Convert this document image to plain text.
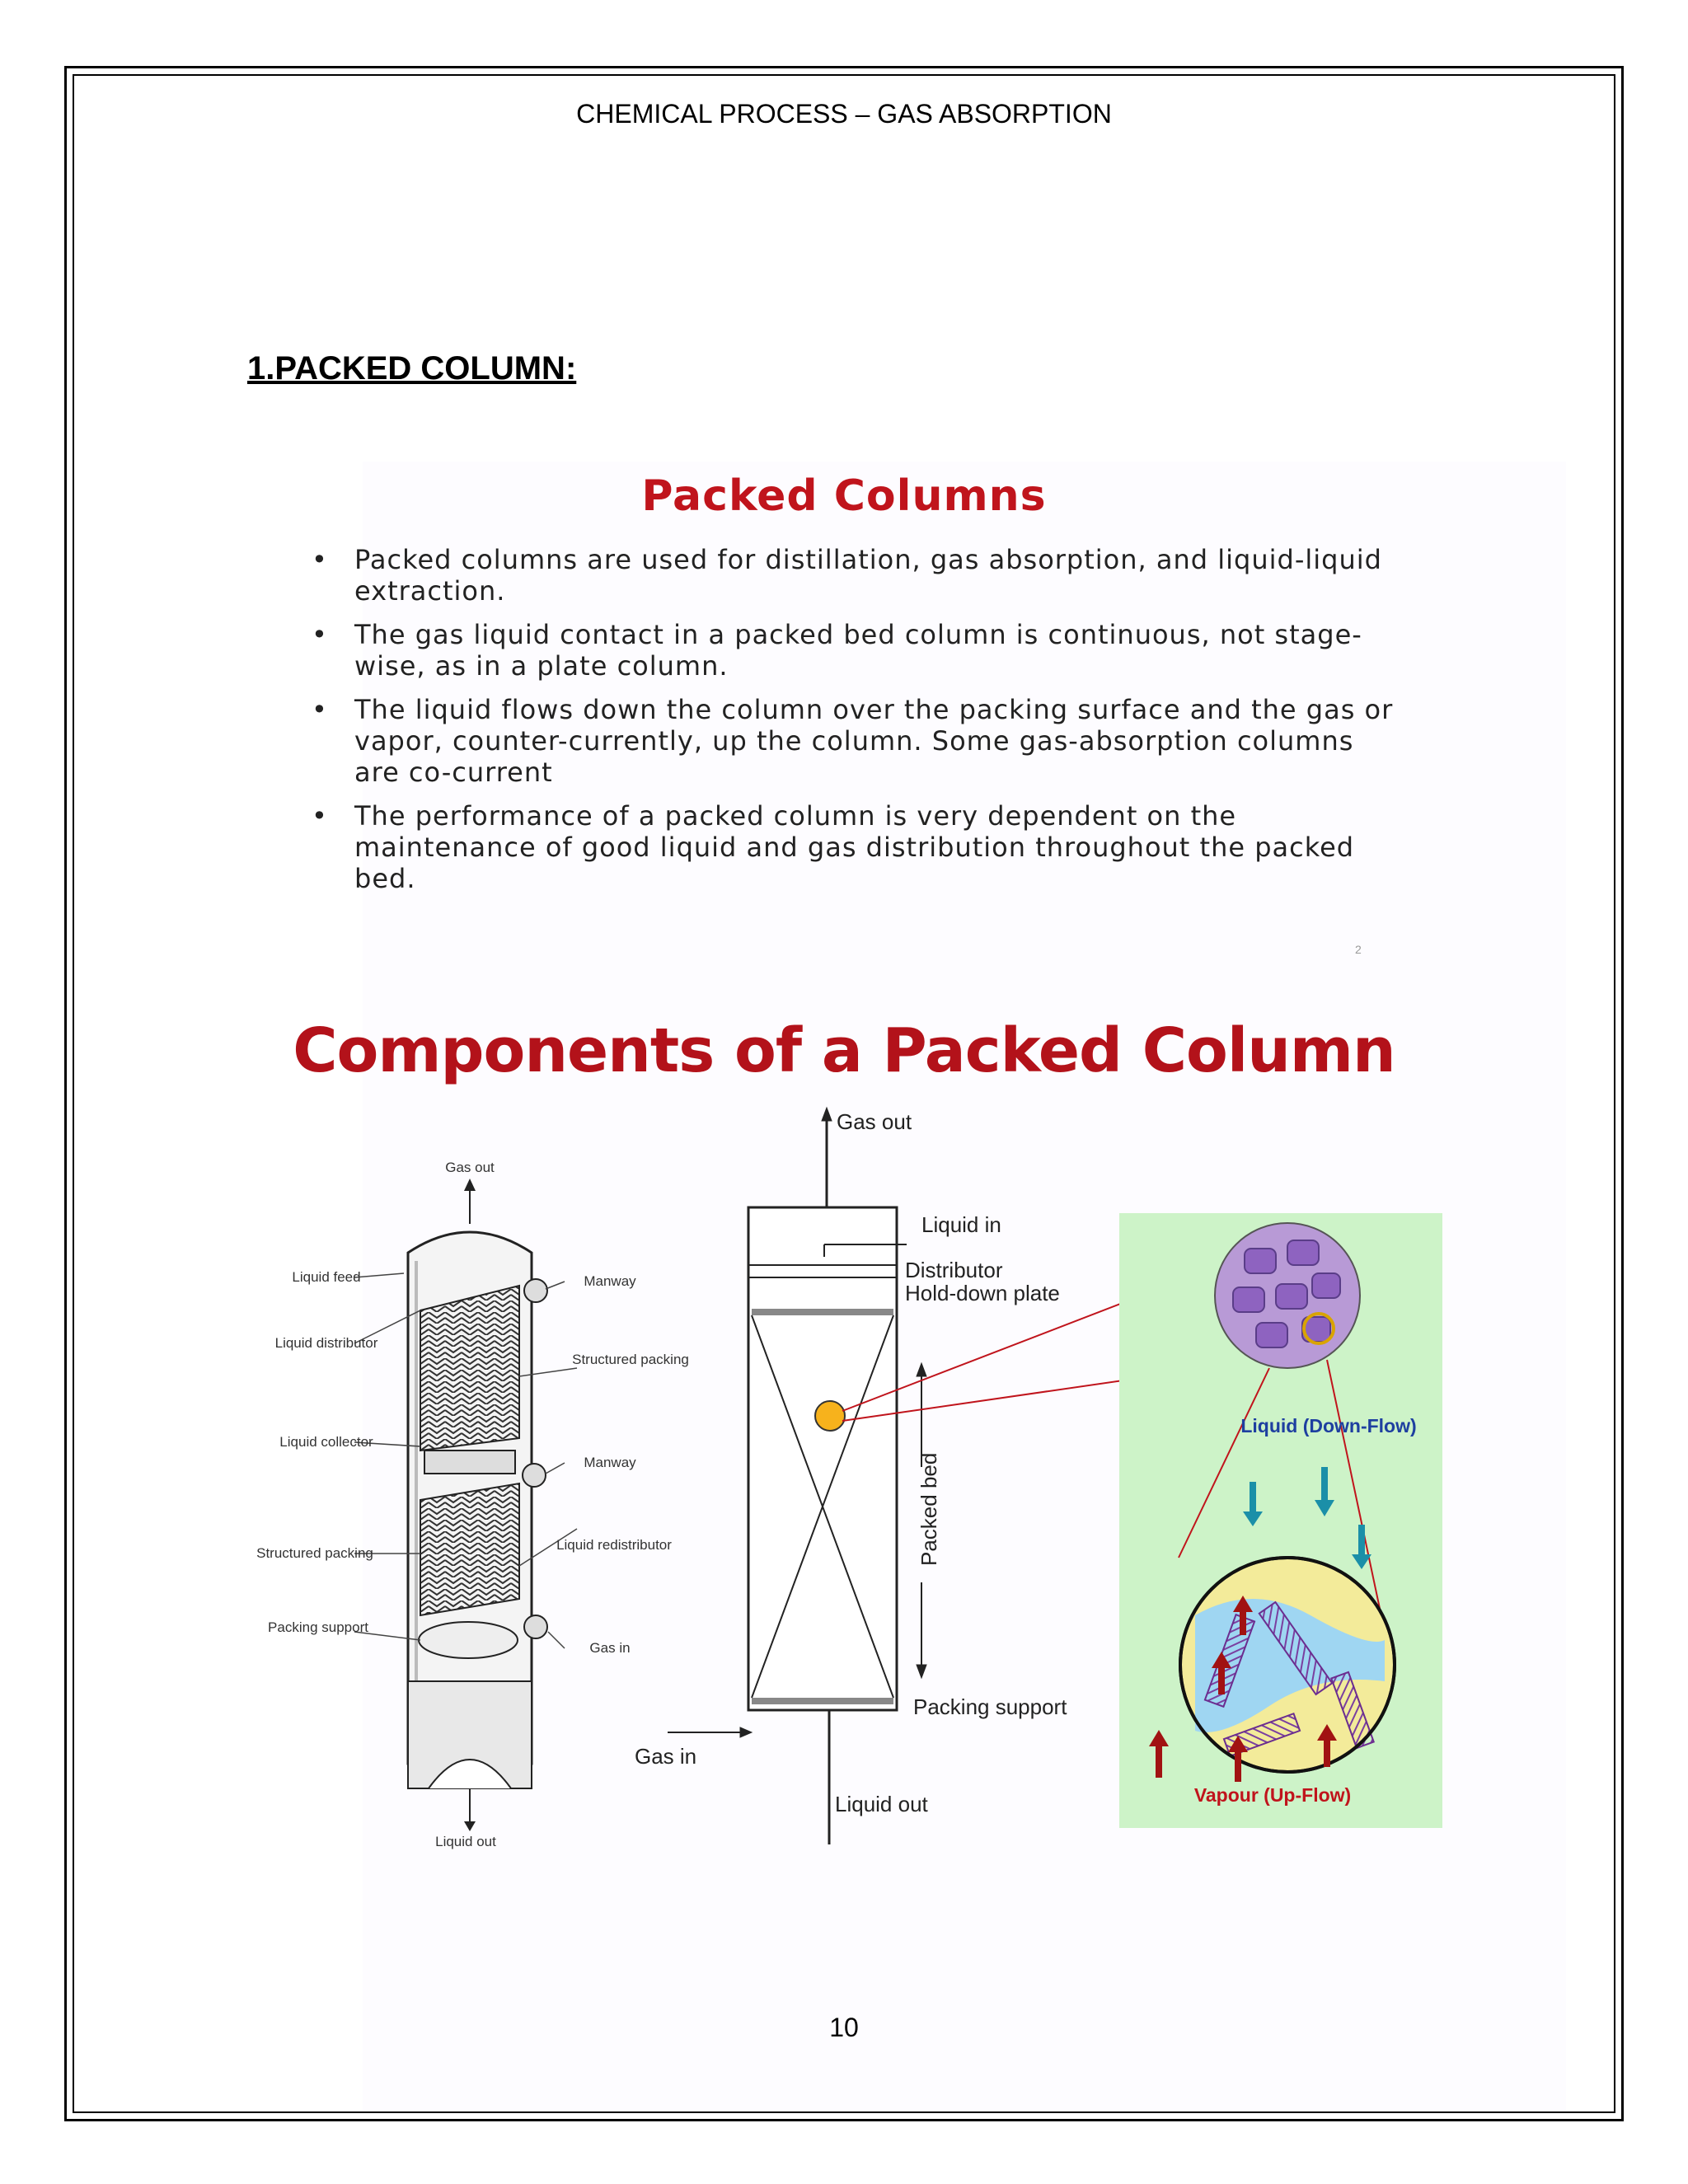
CHEMICAL PROCESS – GAS ABSORPTION
1.PACKED COLUMN:
Packed Columns
• Packed columns are used for distillation, gas absorption, and liquid-liquid extraction.
• The gas liquid contact in a packed bed column is continuous, not stage-wise, as in a plate column.
• The liquid flows down the column over the packing surface and the gas or vapor, counter-currently, up the column. Some gas-absorption columns are co-current
• The performance of a packed column is very dependent on the maintenance of good liquid and gas distribution throughout the packed bed.
2
Components of a Packed Column
Gas out
Liquid feed
Liquid distributor
Liquid collector
Structured packing
Packing support
Manway
Structured packing
Manway
Liquid redistributor
Gas in
Liquid out
Gas out
Liquid in
Distributor
Hold-down plate
Packed bed
Packing support
Gas in
Liquid out
Liquid (Down-Flow)
Vapour (Up-Flow)
10
